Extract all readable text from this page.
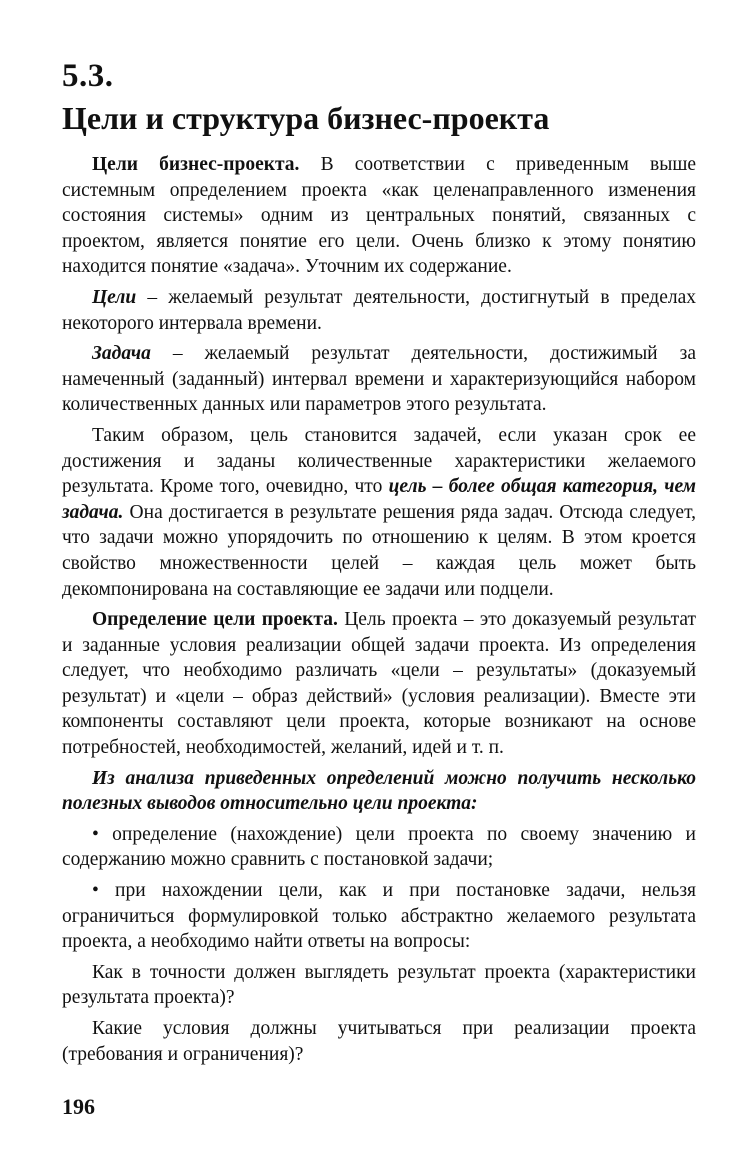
5.3.
Цели и структура бизнес-проекта

Цели бизнес-проекта. В соответствии с приведенным выше системным определением проекта «как целенаправленного изменения состояния системы» одним из центральных понятий, связанных с проектом, является понятие его цели. Очень близко к этому понятию находится понятие «задача». Уточним их содержание.

Цели – желаемый результат деятельности, достигнутый в пределах некоторого интервала времени.

Задача – желаемый результат деятельности, достижимый за намеченный (заданный) интервал времени и характеризующийся набором количественных данных или параметров этого результата.

Таким образом, цель становится задачей, если указан срок ее достижения и заданы количественные характеристики желаемого результата. Кроме того, очевидно, что цель – более общая категория, чем задача. Она достигается в результате решения ряда задач. Отсюда следует, что задачи можно упорядочить по отношению к целям. В этом кроется свойство множественности целей – каждая цель может быть декомпонирована на составляющие ее задачи или подцели.

Определение цели проекта. Цель проекта – это доказуемый результат и заданные условия реализации общей задачи проекта. Из определения следует, что необходимо различать «цели – результаты» (доказуемый результат) и «цели – образ действий» (условия реализации). Вместе эти компоненты составляют цели проекта, которые возникают на основе потребностей, необходимостей, желаний, идей и т. п.

Из анализа приведенных определений можно получить несколько полезных выводов относительно цели проекта:

• определение (нахождение) цели проекта по своему значению и содержанию можно сравнить с постановкой задачи;

• при нахождении цели, как и при постановке задачи, нельзя ограничиться формулировкой только абстрактно желаемого результата проекта, а необходимо найти ответы на вопросы:

Как в точности должен выглядеть результат проекта (характеристики результата проекта)?

Какие условия должны учитываться при реализации проекта (требования и ограничения)?

196
